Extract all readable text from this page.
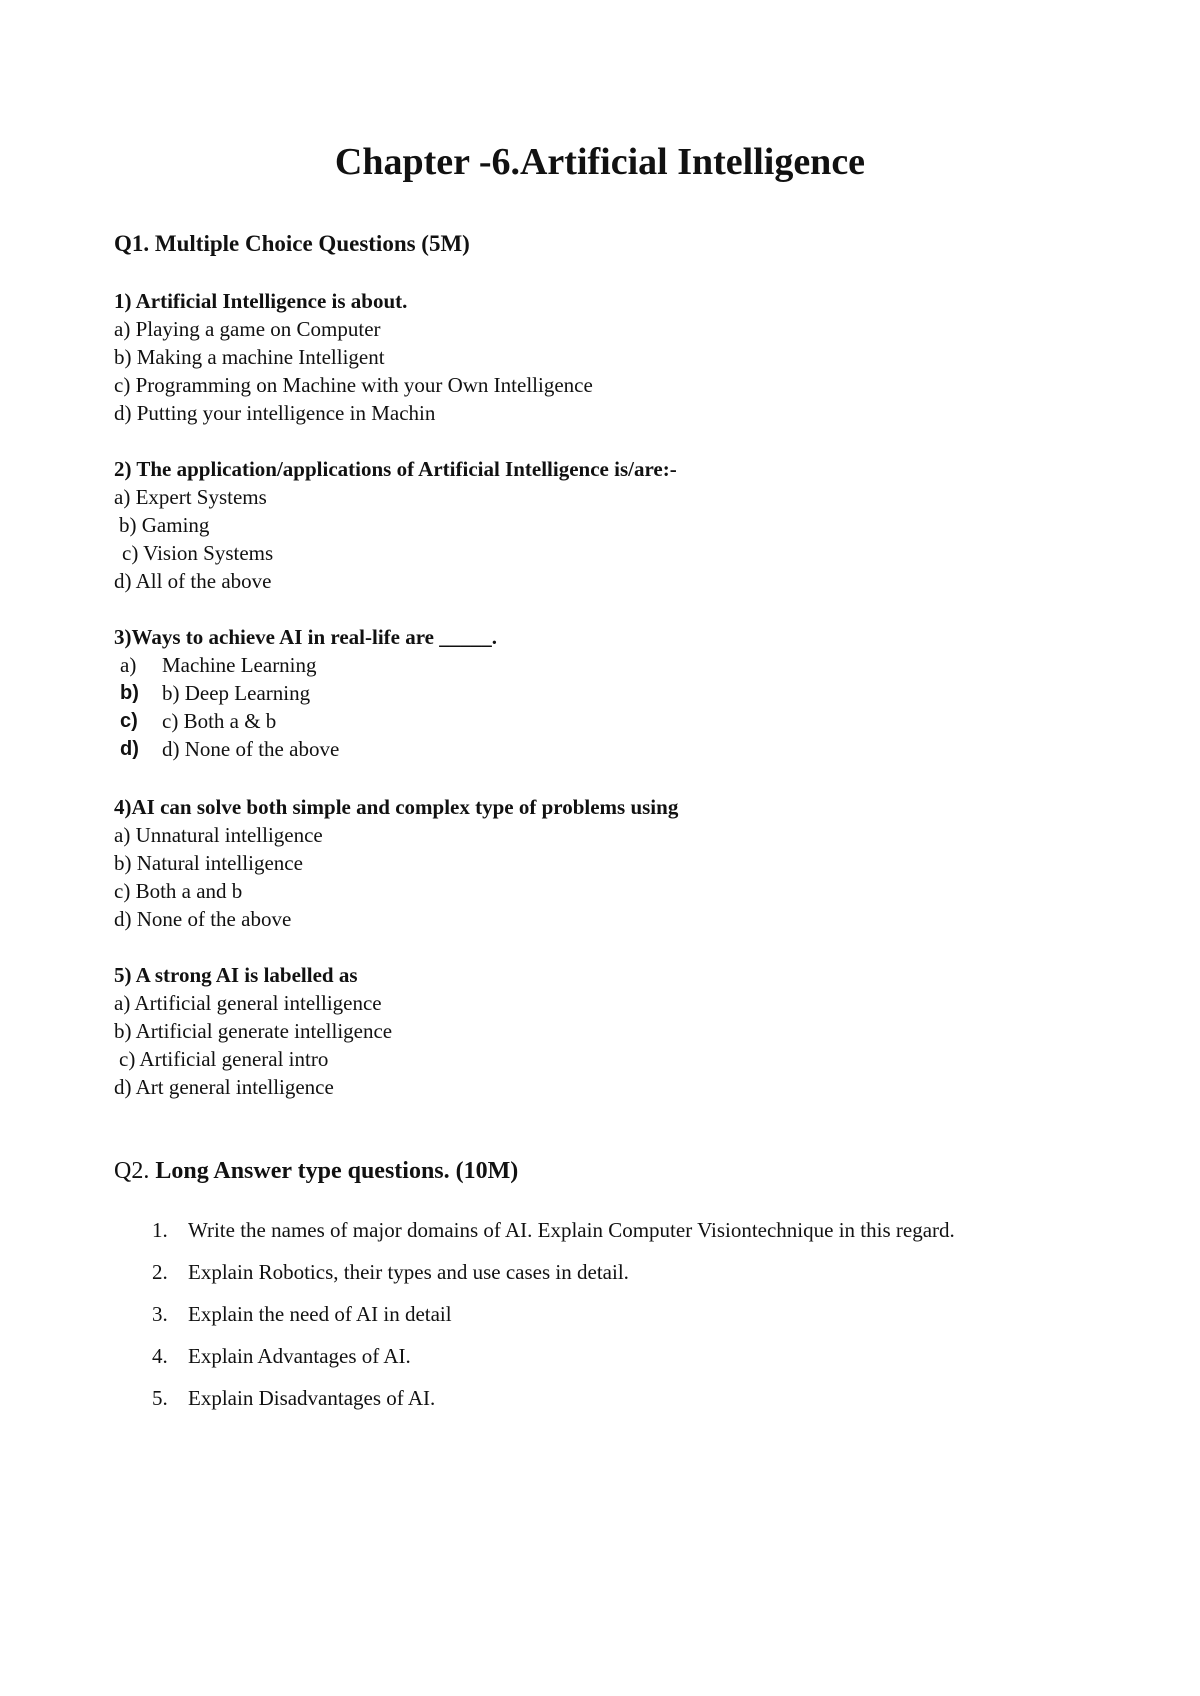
Chapter -6.Artificial Intelligence
Q1. Multiple Choice Questions (5M)
1) Artificial Intelligence is about.
a) Playing a game on Computer
b) Making a machine Intelligent
c) Programming on Machine with your Own Intelligence
d) Putting your intelligence in Machin
2) The application/applications of Artificial Intelligence is/are:-
a) Expert Systems
b) Gaming
c) Vision Systems
d) All of the above
3)Ways to achieve AI in real-life are _____.
a) Machine Learning
b) b) Deep Learning
c) c) Both a & b
d) d) None of the above
4)AI can solve both simple and complex type of problems using
a) Unnatural intelligence
b) Natural intelligence
c) Both a and b
d) None of the above
5) A strong AI is labelled as
a) Artificial general intelligence
b) Artificial generate intelligence
c) Artificial general intro
d) Art general intelligence
Q2. Long Answer type questions. (10M)
1. Write the names of major domains of AI. Explain Computer Visiontechnique in this regard.
2. Explain Robotics, their types and use cases in detail.
3. Explain the need of AI in detail
4. Explain Advantages of AI.
5. Explain Disadvantages of AI.
